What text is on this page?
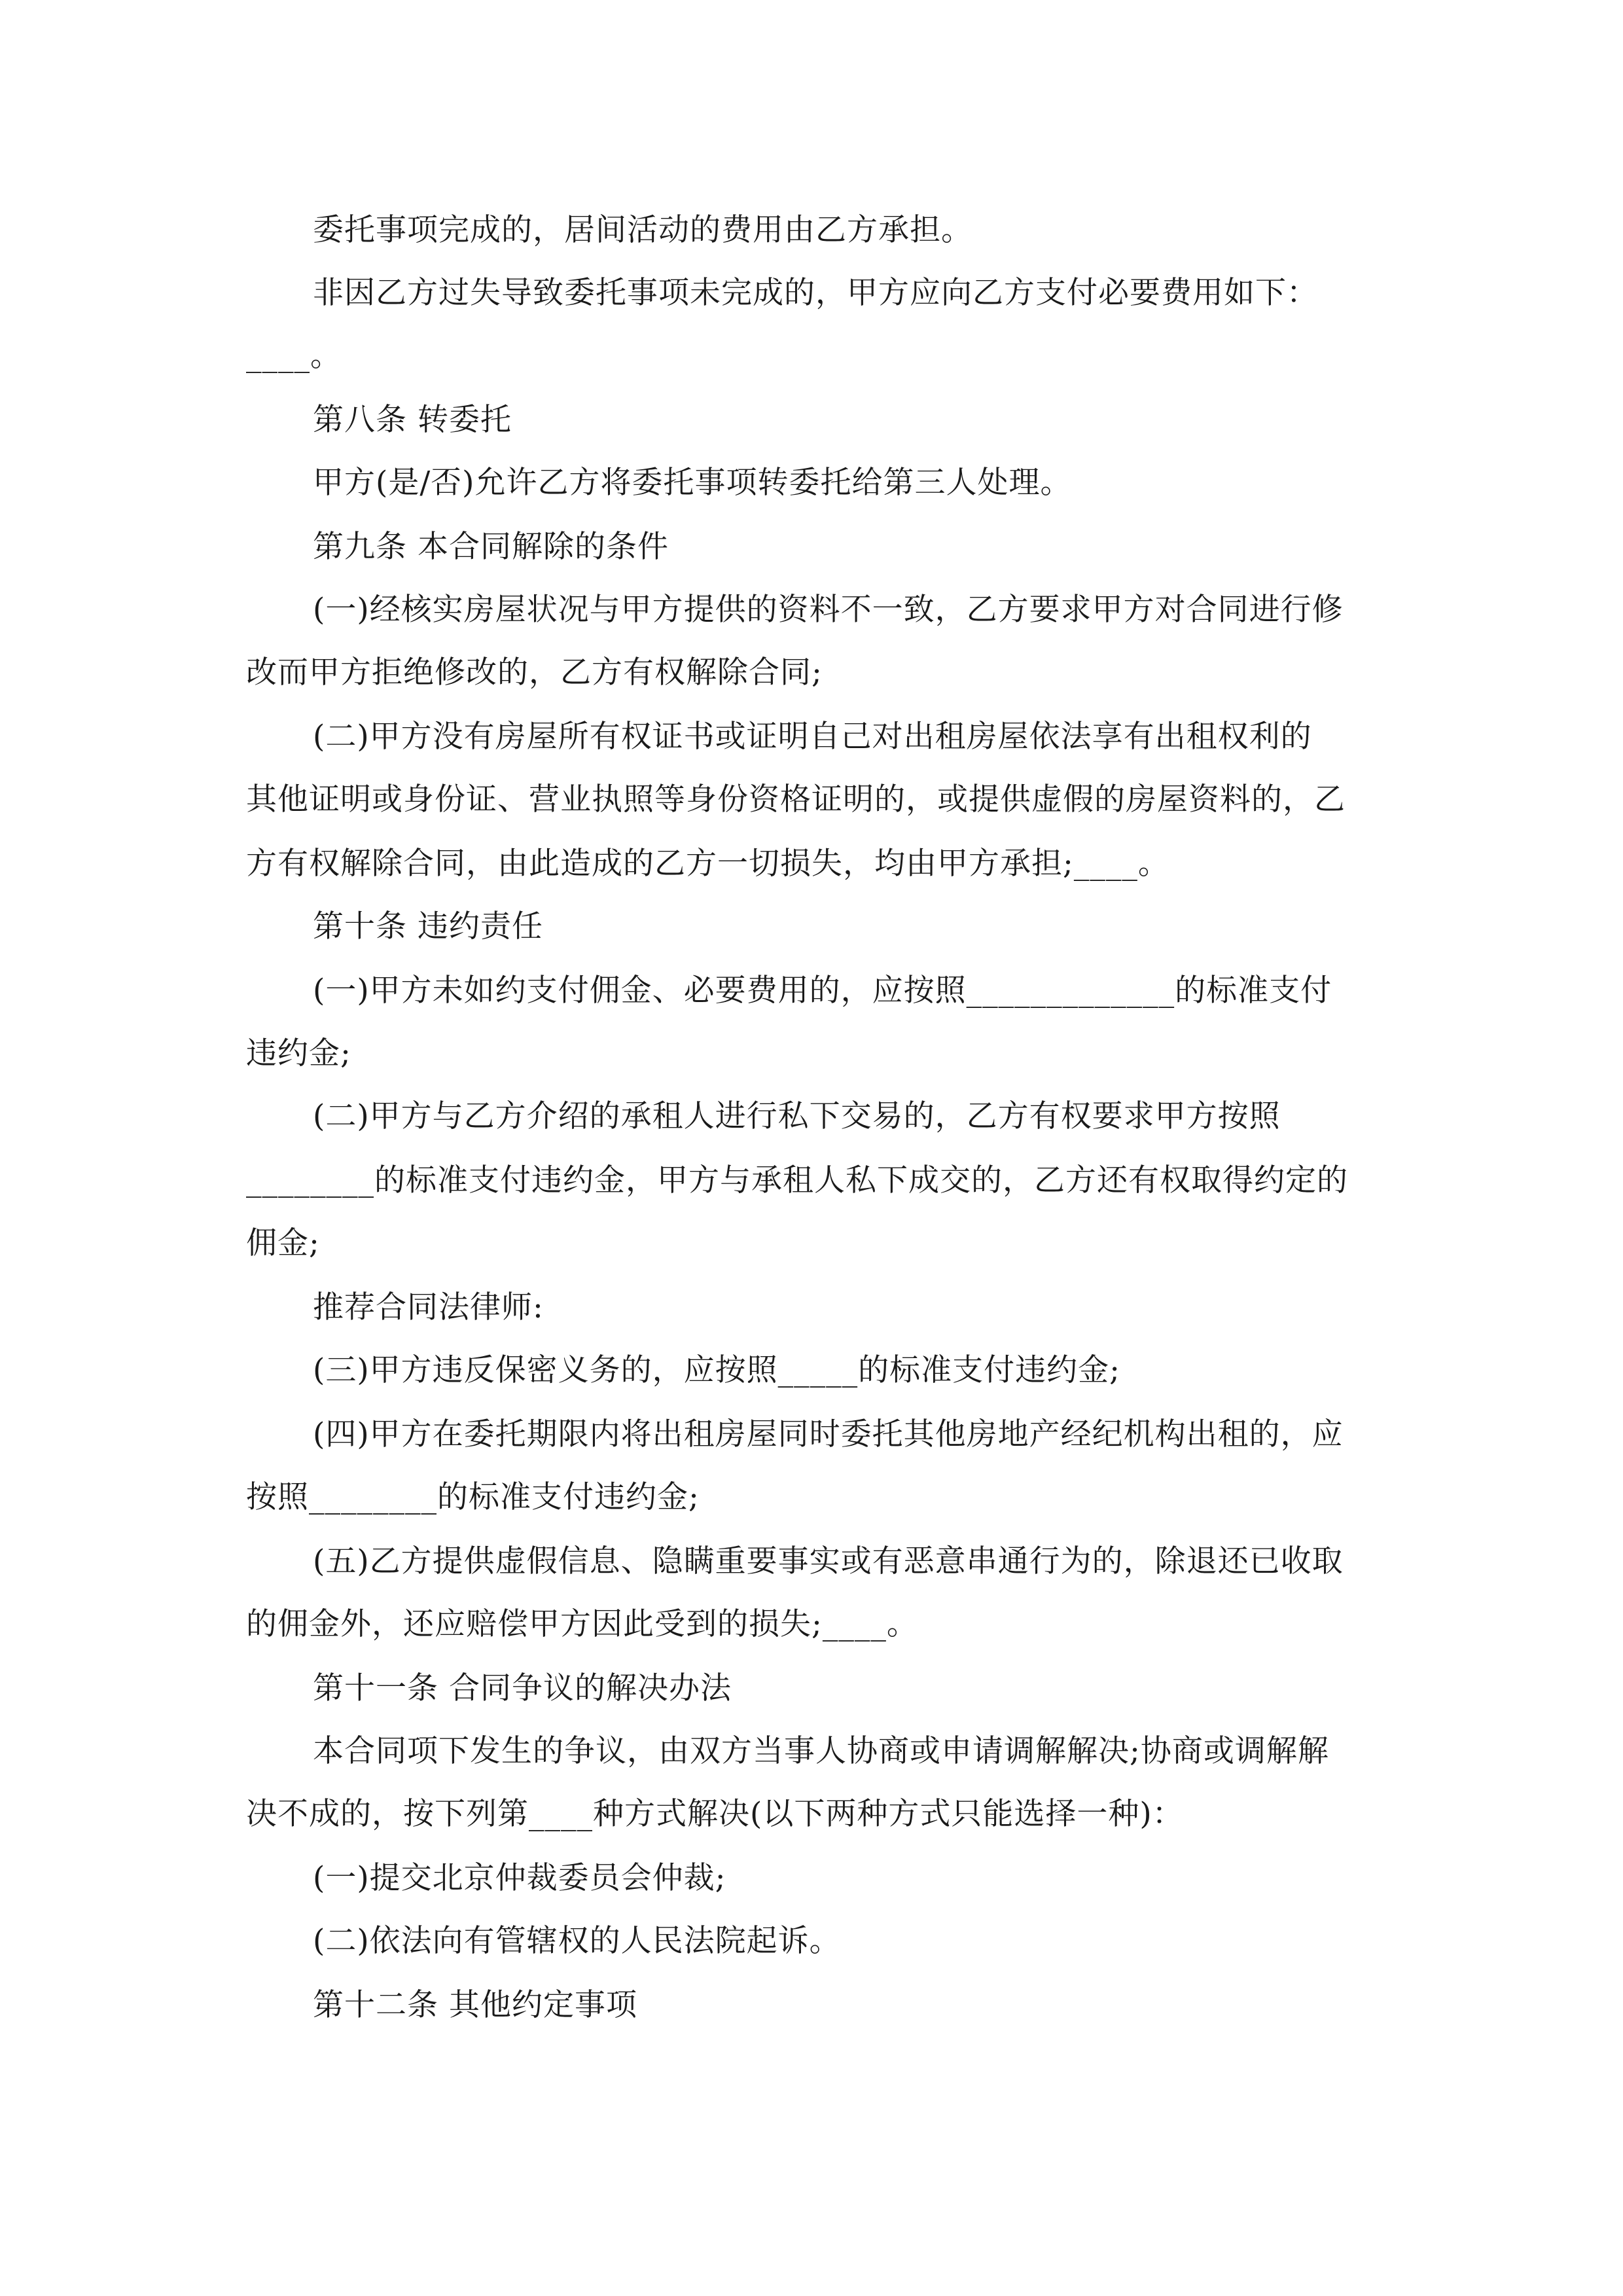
委托事项完成的，居间活动的费用由乙方承担。
非因乙方过失导致委托事项未完成的，甲方应向乙方支付必要费用如下：
____。
第八条 转委托
甲方(是/否)允许乙方将委托事项转委托给第三人处理。
第九条 本合同解除的条件
(一)经核实房屋状况与甲方提供的资料不一致，乙方要求甲方对合同进行修
改而甲方拒绝修改的，乙方有权解除合同;
(二)甲方没有房屋所有权证书或证明自己对出租房屋依法享有出租权利的
其他证明或身份证、营业执照等身份资格证明的，或提供虚假的房屋资料的，乙
方有权解除合同，由此造成的乙方一切损失，均由甲方承担;____。
第十条 违约责任
(一)甲方未如约支付佣金、必要费用的，应按照_____________的标准支付
违约金;
(二)甲方与乙方介绍的承租人进行私下交易的，乙方有权要求甲方按照
________的标准支付违约金，甲方与承租人私下成交的，乙方还有权取得约定的
佣金;
推荐合同法律师:
(三)甲方违反保密义务的，应按照_____的标准支付违约金;
(四)甲方在委托期限内将出租房屋同时委托其他房地产经纪机构出租的，应
按照________的标准支付违约金;
(五)乙方提供虚假信息、隐瞒重要事实或有恶意串通行为的，除退还已收取
的佣金外，还应赔偿甲方因此受到的损失;____。
第十一条 合同争议的解决办法
本合同项下发生的争议，由双方当事人协商或申请调解解决;协商或调解解
决不成的，按下列第____种方式解决(以下两种方式只能选择一种)：
(一)提交北京仲裁委员会仲裁;
(二)依法向有管辖权的人民法院起诉。
第十二条 其他约定事项
